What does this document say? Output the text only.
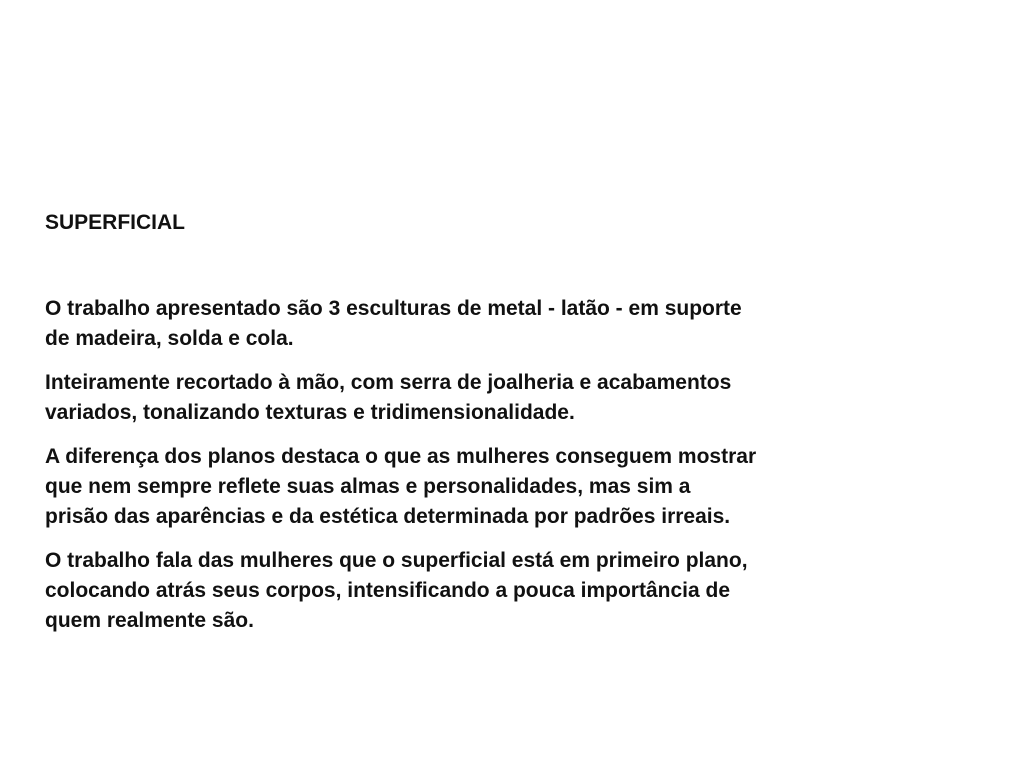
SUPERFICIAL

O trabalho apresentado são 3 esculturas de metal - latão - em suporte
de madeira, solda e cola.

Inteiramente recortado à mão, com serra de joalheria e acabamentos
variados, tonalizando texturas e tridimensionalidade.

A diferença dos planos destaca o que as mulheres conseguem mostrar
que nem sempre reflete suas almas e personalidades, mas sim a
prisão das aparências e da estética determinada por padrões irreais.

O trabalho fala das mulheres que o superficial está em primeiro plano,
colocando atrás seus corpos, intensificando a pouca importância de
quem realmente são.
